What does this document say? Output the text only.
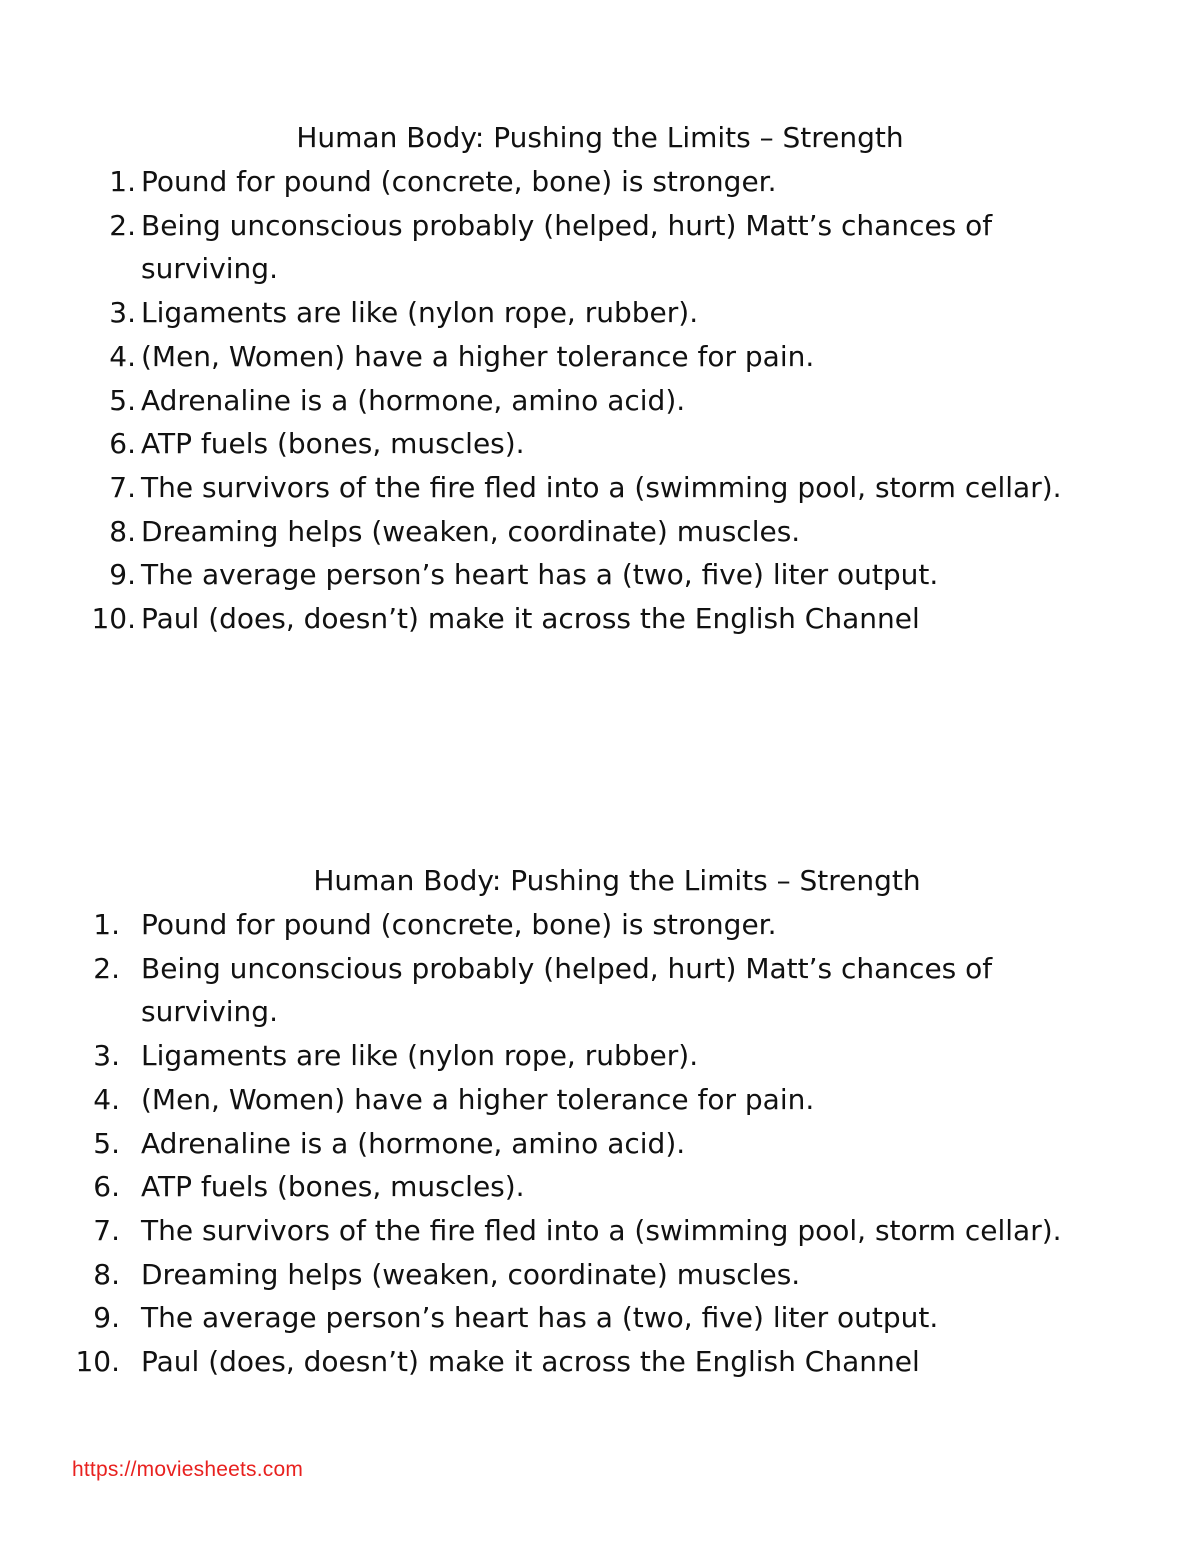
Human Body: Pushing the Limits – Strength
1. Pound for pound (concrete, bone) is stronger.
2. Being unconscious probably (helped, hurt) Matt’s chances of surviving.
3. Ligaments are like (nylon rope, rubber).
4. (Men, Women) have a higher tolerance for pain.
5. Adrenaline is a (hormone, amino acid).
6. ATP fuels (bones, muscles).
7. The survivors of the fire fled into a (swimming pool, storm cellar).
8. Dreaming helps (weaken, coordinate) muscles.
9. The average person’s heart has a (two, five) liter output.
10. Paul (does, doesn’t) make it across the English Channel
Human Body: Pushing the Limits – Strength
1. Pound for pound (concrete, bone) is stronger.
2. Being unconscious probably (helped, hurt) Matt’s chances of surviving.
3. Ligaments are like (nylon rope, rubber).
4. (Men, Women) have a higher tolerance for pain.
5. Adrenaline is a (hormone, amino acid).
6. ATP fuels (bones, muscles).
7. The survivors of the fire fled into a (swimming pool, storm cellar).
8. Dreaming helps (weaken, coordinate) muscles.
9. The average person’s heart has a (two, five) liter output.
10. Paul (does, doesn’t) make it across the English Channel
https://moviesheets.com
